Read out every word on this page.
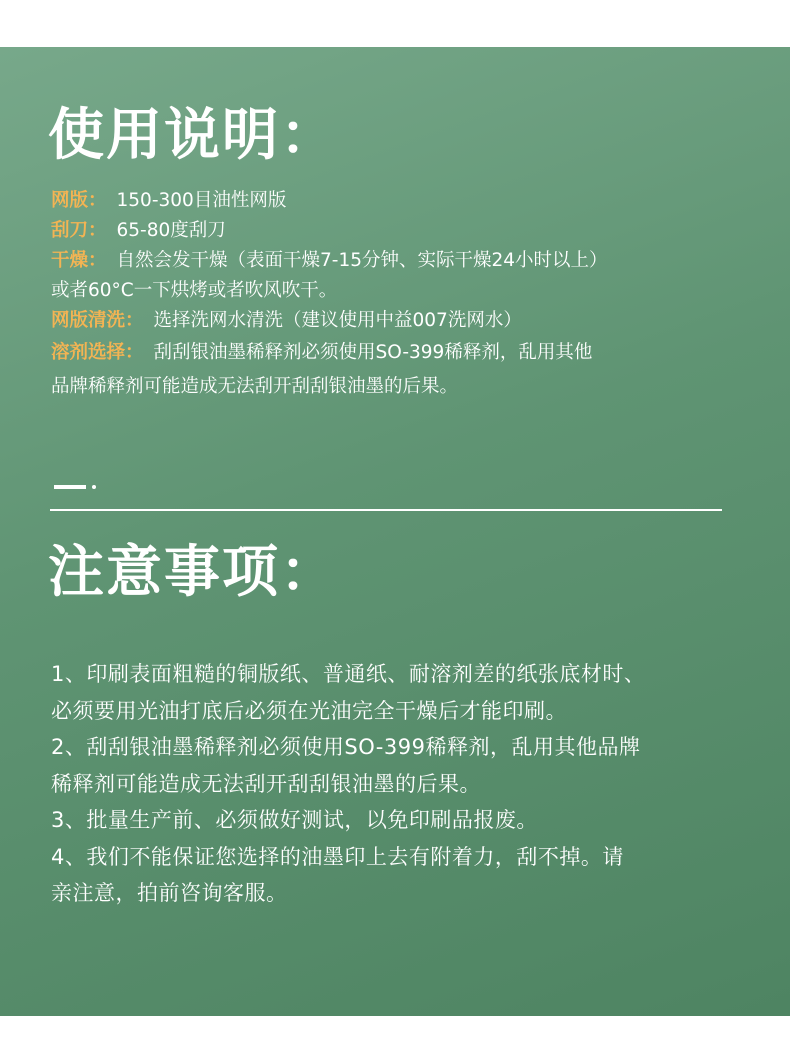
使用说明：
网版： 150-300目油性网版
刮刀： 65-80度刮刀
干燥： 自然会发干燥（表面干燥7-15分钟、实际干燥24小时以上）
或者60°C一下烘烤或者吹风吹干。
网版清洗： 选择洗网水清洗（建议使用中益007洗网水）
溶剂选择： 刮刮银油墨稀释剂必须使用SO-399稀释剂，乱用其他
品牌稀释剂可能造成无法刮开刮刮银油墨的后果。
注意事项：
1、印刷表面粗糙的铜版纸、普通纸、耐溶剂差的纸张底材时、
必须要用光油打底后必须在光油完全干燥后才能印刷。
2、刮刮银油墨稀释剂必须使用SO-399稀释剂，乱用其他品牌
稀释剂可能造成无法刮开刮刮银油墨的后果。
3、批量生产前、必须做好测试，以免印刷品报废。
4、我们不能保证您选择的油墨印上去有附着力，刮不掉。请
亲注意，拍前咨询客服。
